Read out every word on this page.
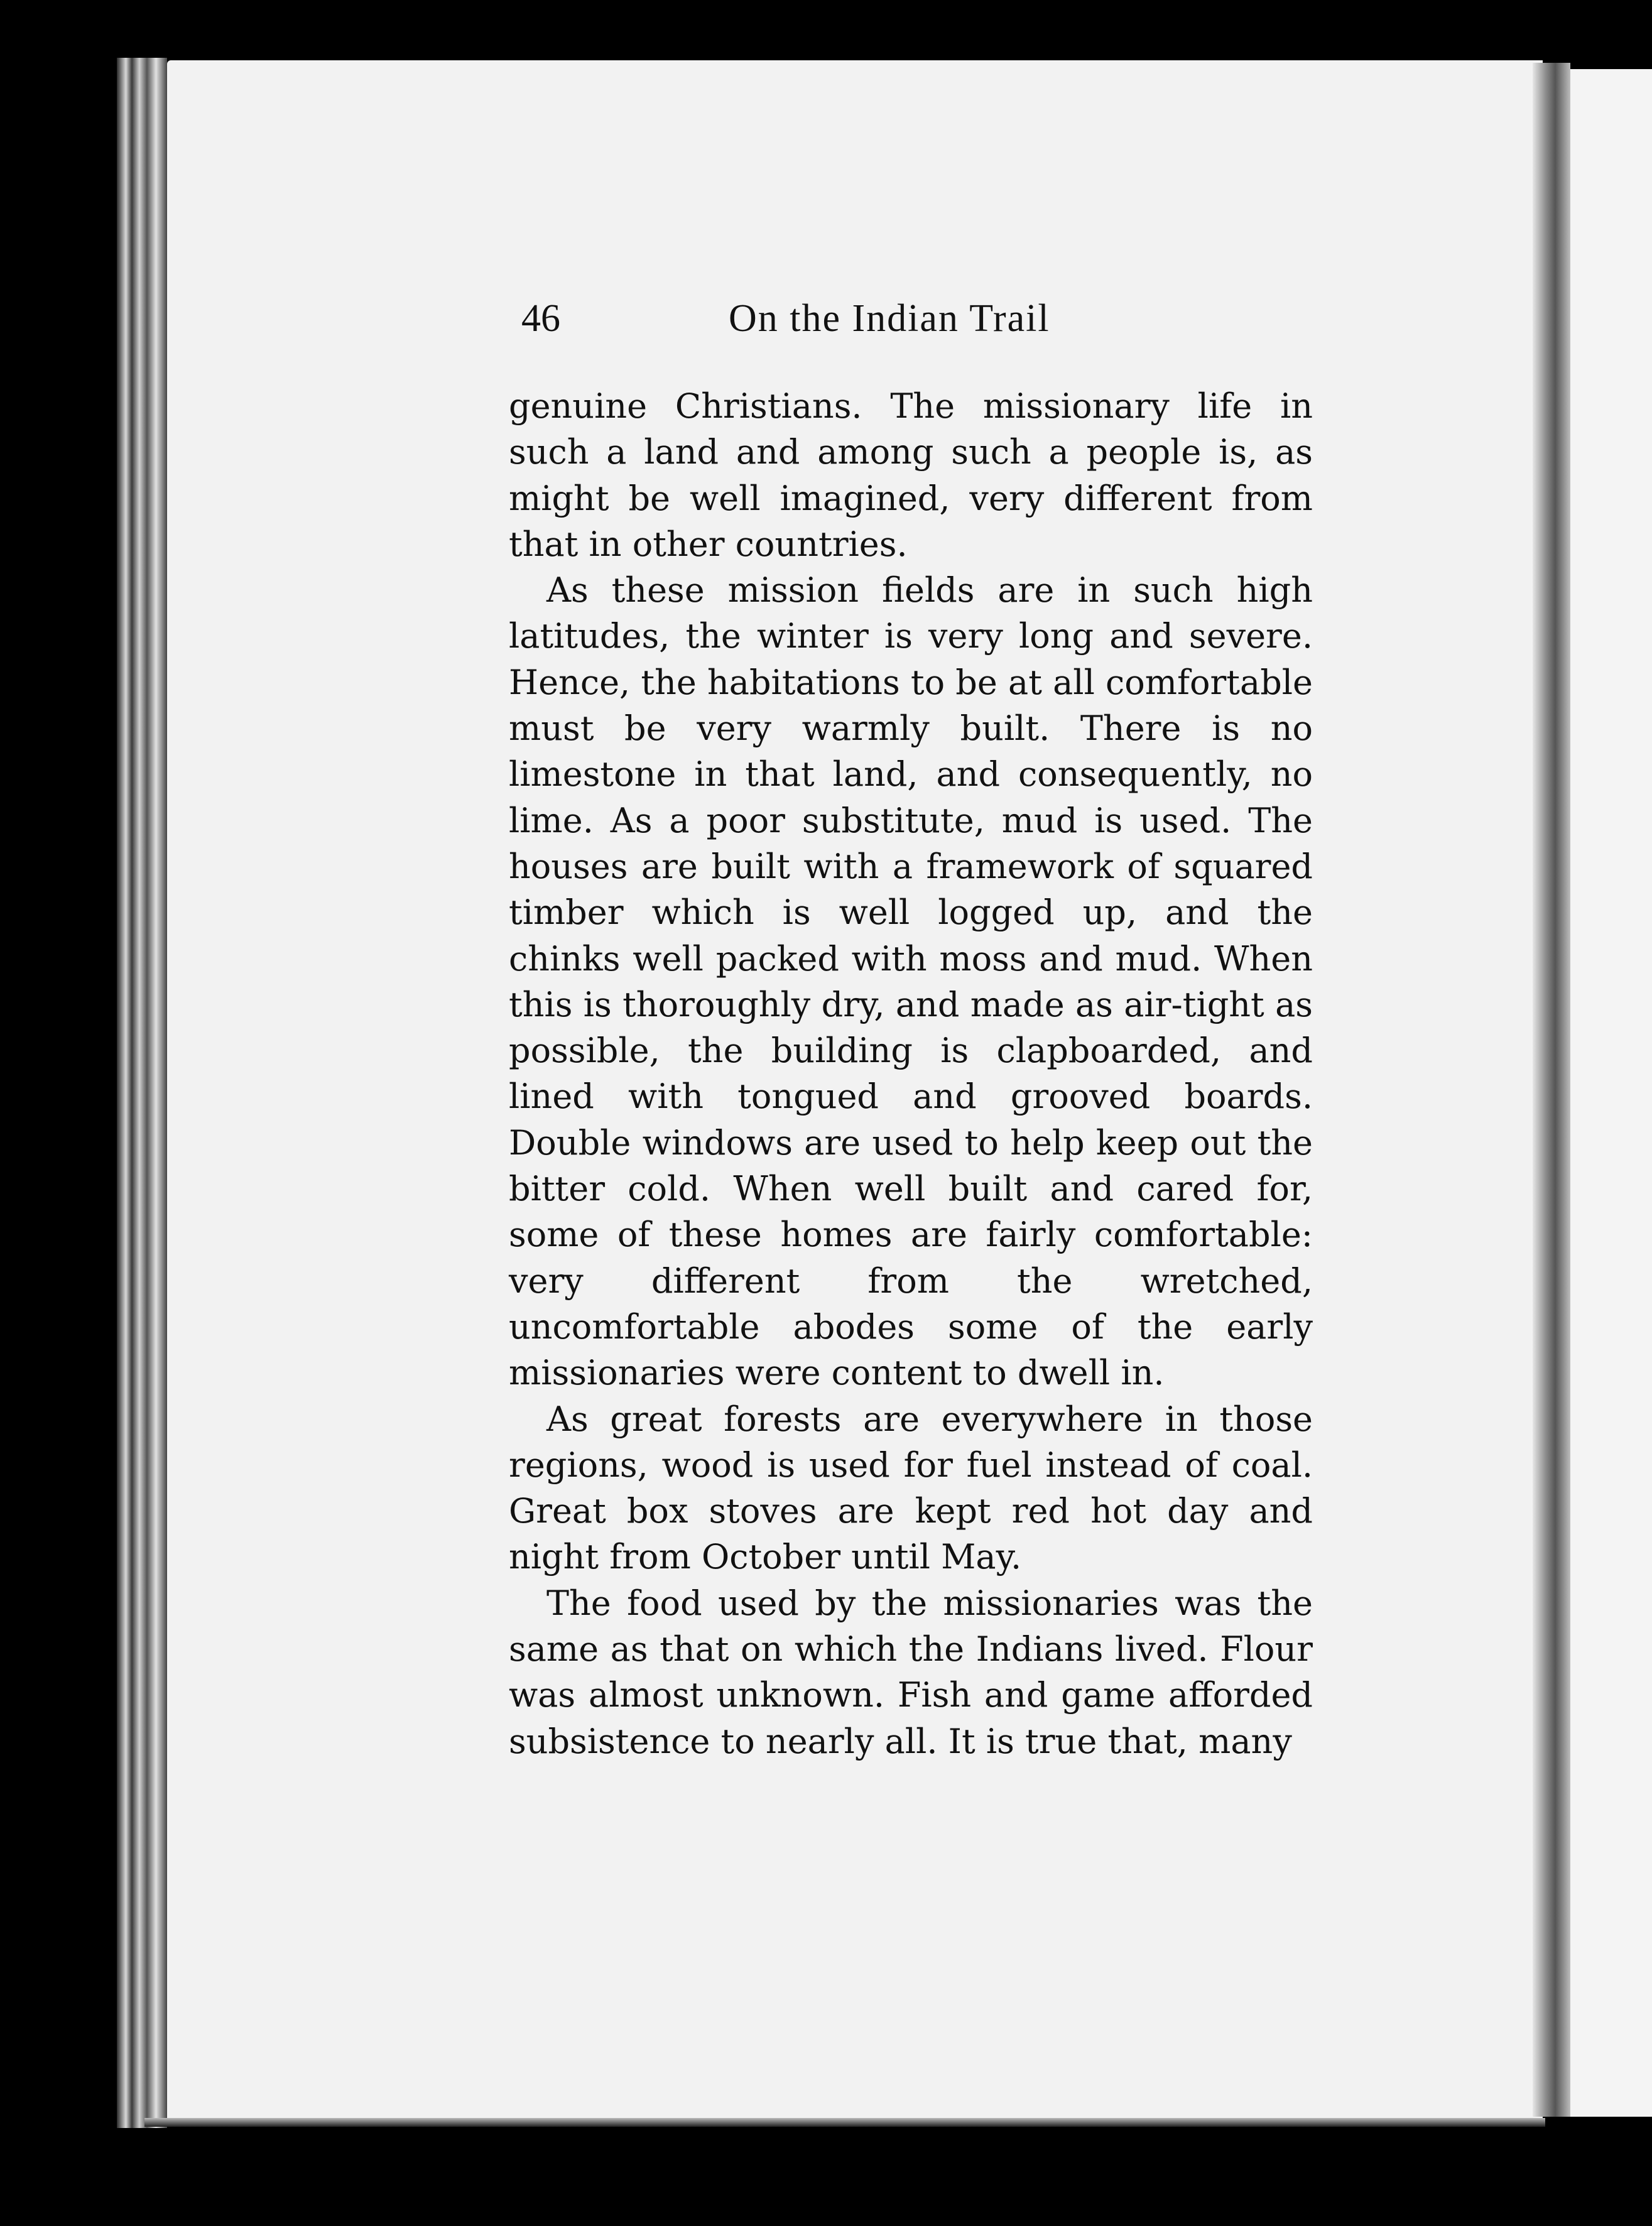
46	On the Indian Trail

genuine Christians. The missionary life in such a land and among such a people is, as might be well imagined, very different from that in other countries.

As these mission fields are in such high latitudes, the winter is very long and severe. Hence, the habitations to be at all comfortable must be very warmly built. There is no limestone in that land, and consequently, no lime. As a poor substitute, mud is used. The houses are built with a framework of squared timber which is well logged up, and the chinks well packed with moss and mud. When this is thoroughly dry, and made as air-tight as possible, the building is clapboarded, and lined with tongued and grooved boards. Double windows are used to help keep out the bitter cold. When well built and cared for, some of these homes are fairly comfortable: very different from the wretched, uncomfortable abodes some of the early missionaries were content to dwell in.

As great forests are everywhere in those regions, wood is used for fuel instead of coal. Great box stoves are kept red hot day and night from October until May.

The food used by the missionaries was the same as that on which the Indians lived. Flour was almost unknown. Fish and game afforded subsistence to nearly all. It is true that, many
